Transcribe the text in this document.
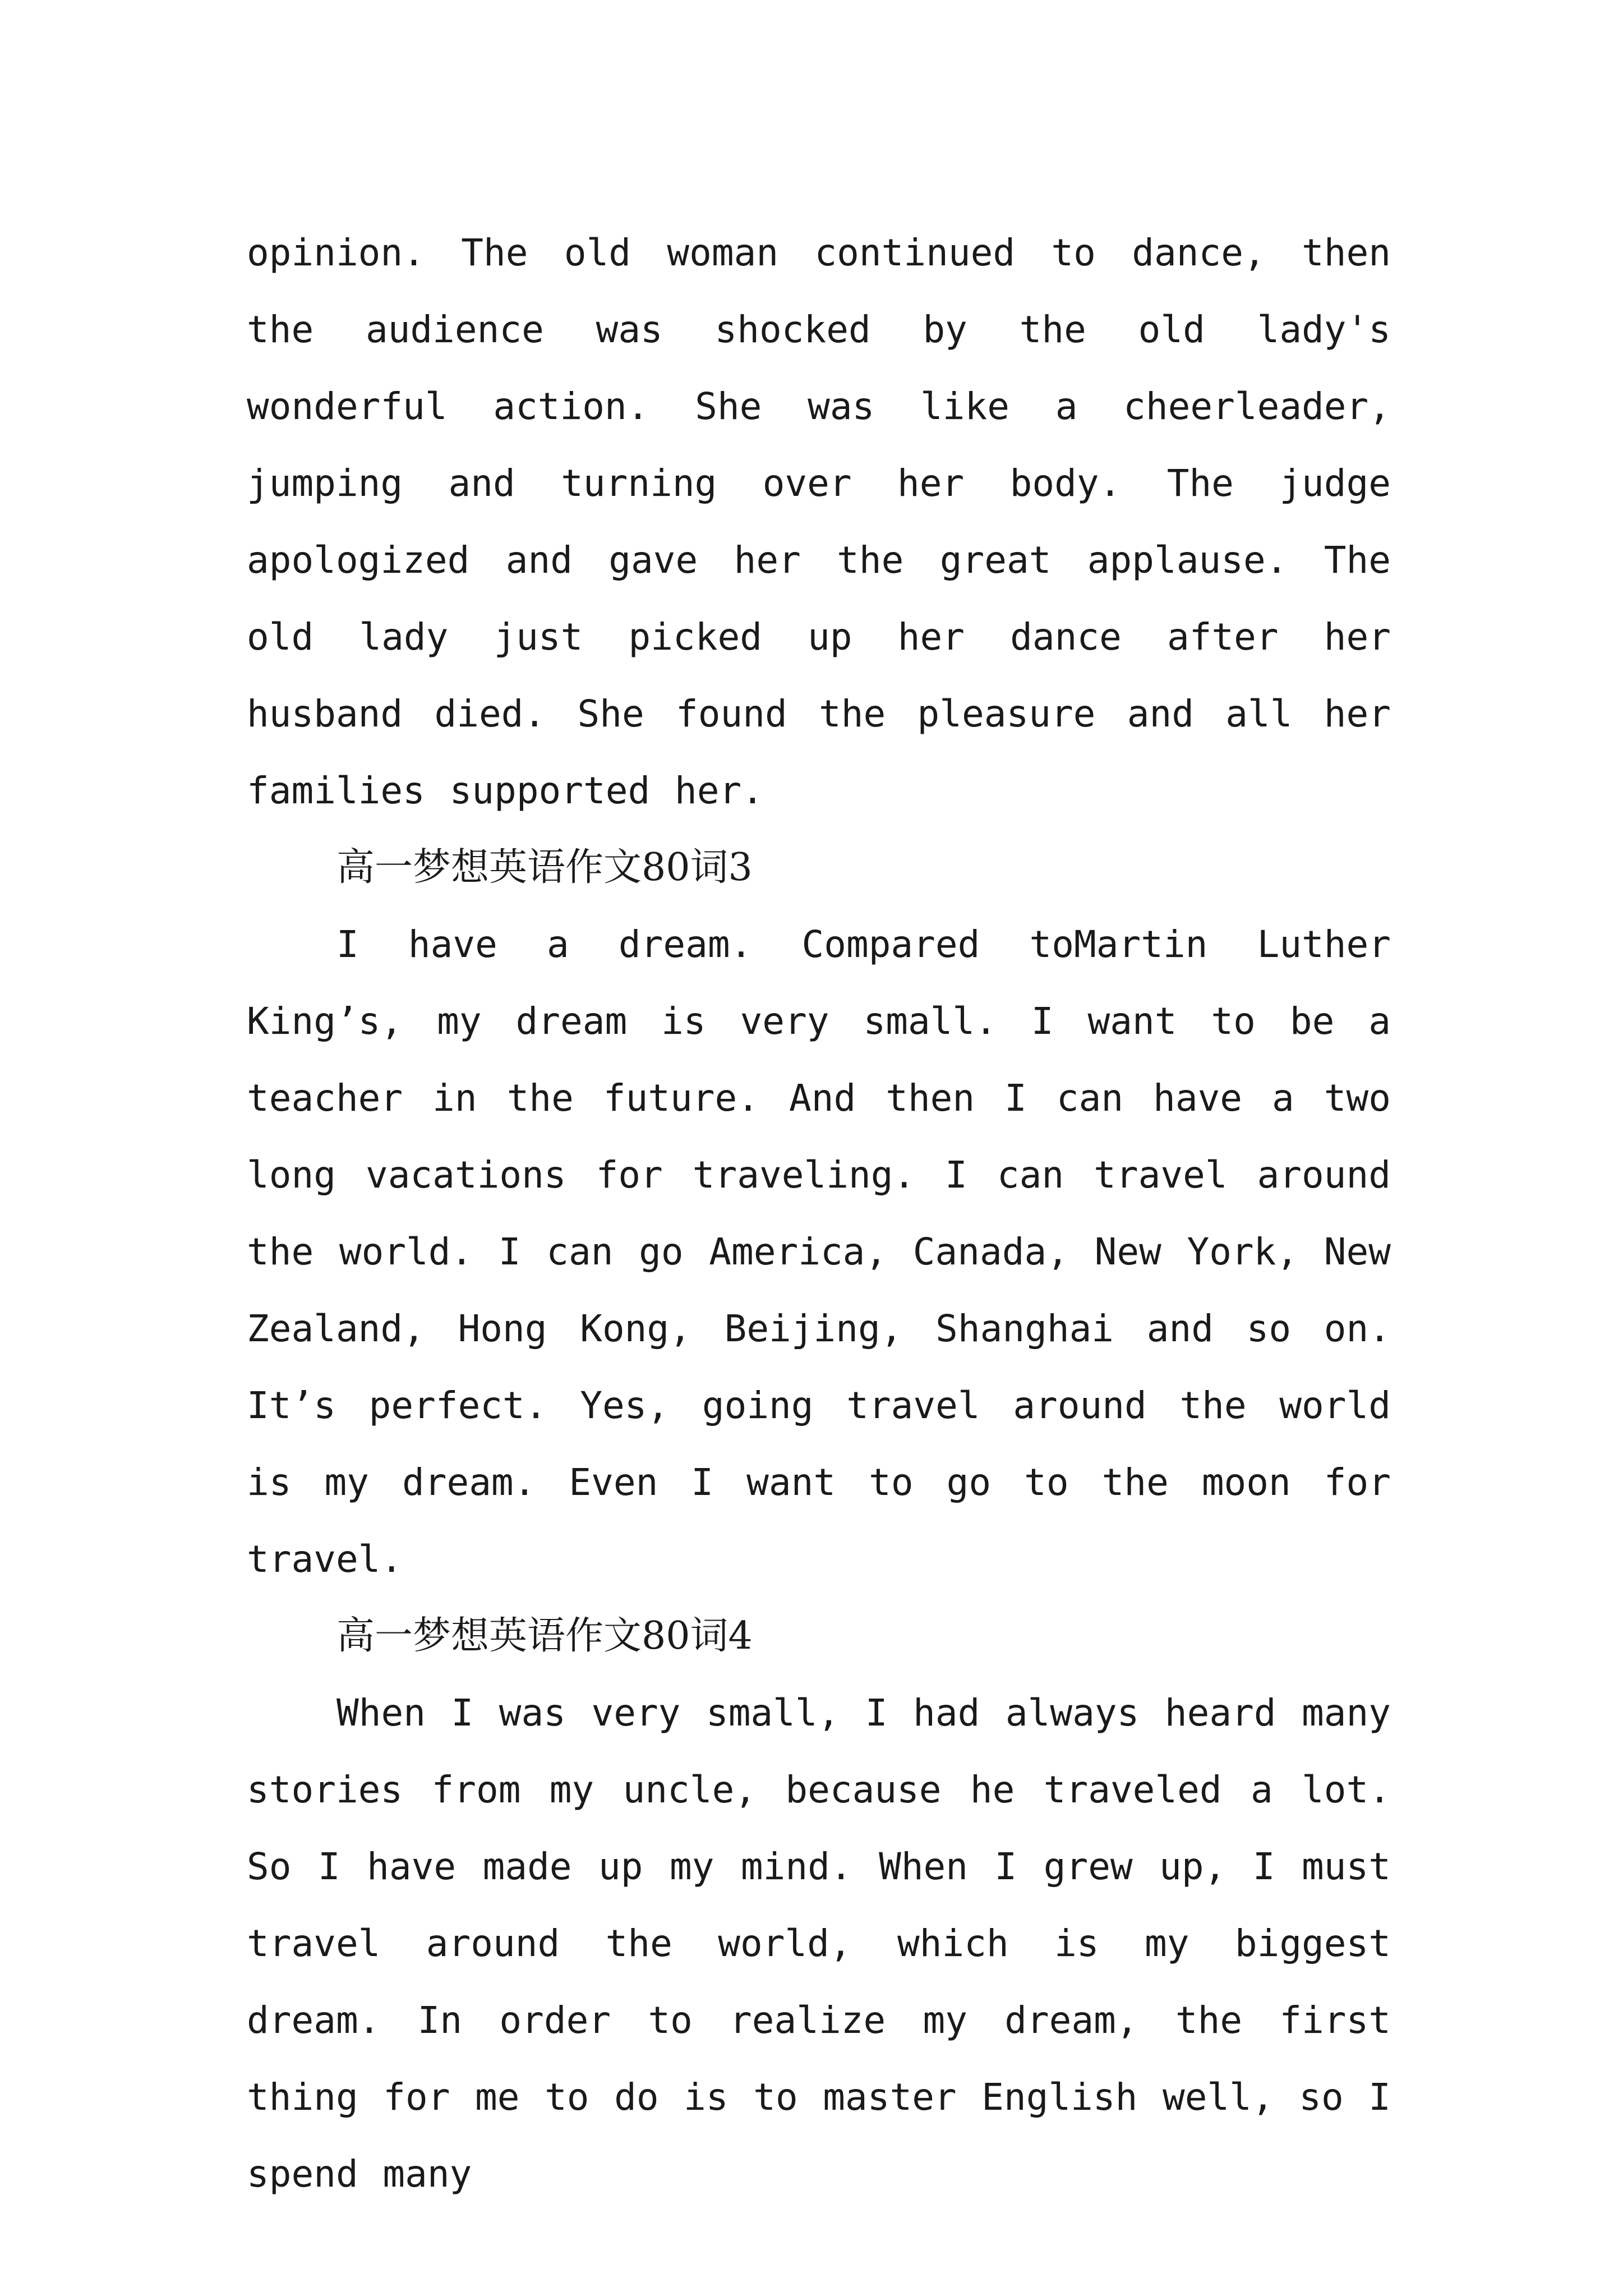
opinion. The old woman continued to dance, then the audience was shocked by the old lady's wonderful action. She was like a cheerleader, jumping and turning over her body. The judge apologized and gave her the great applause. The old lady just picked up her dance after her husband died. She found the pleasure and all her families supported her.

高一梦想英语作文80词3

I have a dream. Compared toMartin Luther King’s, my dream is very small. I want to be a teacher in the future. And then I can have a two long vacations for traveling. I can travel around the world. I can go America, Canada, New York, New Zealand, Hong Kong, Beijing, Shanghai and so on. It’s perfect. Yes, going travel around the world is my dream. Even I want to go to the moon for travel.

高一梦想英语作文80词4

When I was very small, I had always heard many stories from my uncle, because he traveled a lot. So I have made up my mind. When I grew up, I must travel around the world, which is my biggest dream. In order to realize my dream, the first thing for me to do is to master English well, so I spend many
